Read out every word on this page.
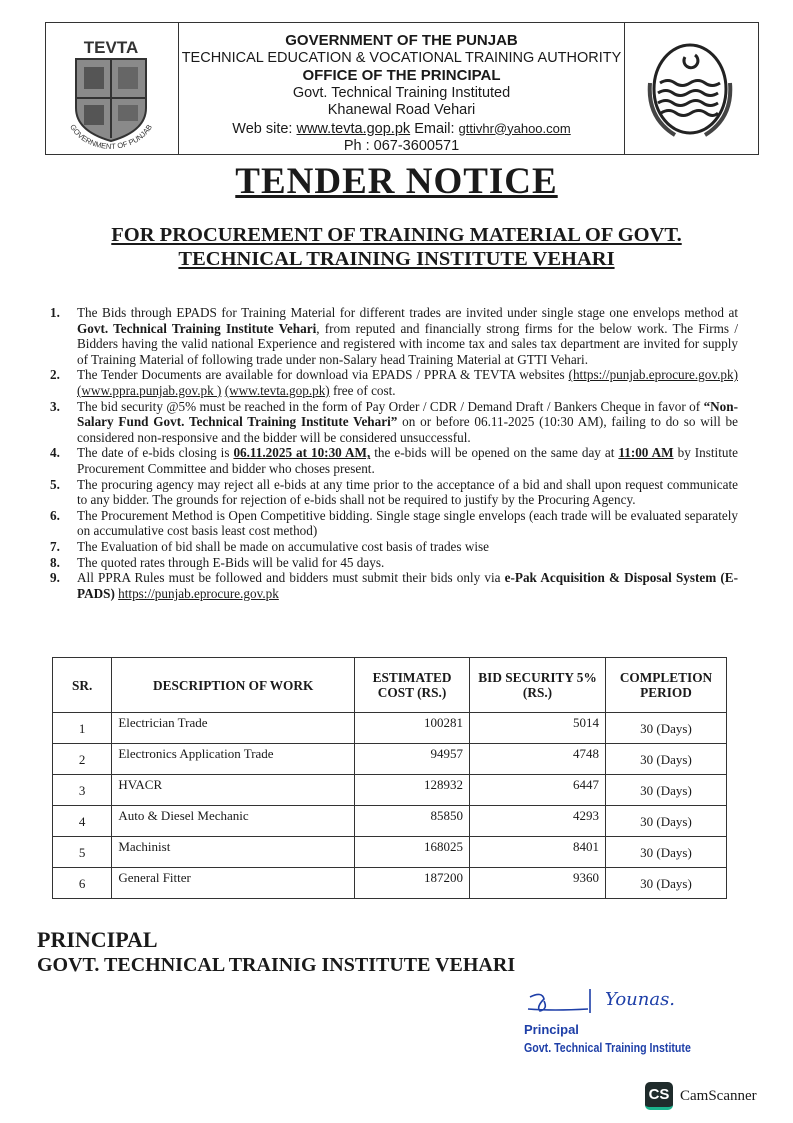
TEVTA
GOVERNMENT OF PUNJAB
GOVERNMENT OF THE PUNJAB
TECHNICAL EDUCATION & VOCATIONAL TRAINING AUTHORITY
OFFICE OF THE PRINCIPAL
Govt. Technical Training Instituted
Khanewal Road Vehari
Web site: www.tevta.gop.pk Email: gttivhr@yahoo.com
Ph : 067-3600571
TENDER NOTICE
FOR PROCUREMENT OF TRAINING MATERIAL OF GOVT.
TECHNICAL TRAINING INSTITUTE VEHARI
1.	The Bids through EPADS for Training Material for different trades are invited under single stage one envelops method at Govt. Technical Training Institute Vehari, from reputed and financially strong firms for the below work. The Firms / Bidders having the valid national Experience and registered with income tax and sales tax department are invited for supply of Training Material of following trade under non-Salary head Training Material at GTTI Vehari.
2.	The Tender Documents are available for download via EPADS / PPRA & TEVTA websites (https://punjab.eprocure.gov.pk) (www.ppra.punjab.gov.pk ) (www.tevta.gop.pk) free of cost.
3.	The bid security @5% must be reached in the form of Pay Order / CDR / Demand Draft / Bankers Cheque in favor of “Non-Salary Fund Govt. Technical Training Institute Vehari” on or before 06.11-2025 (10:30 AM), failing to do so will be considered non-responsive and the bidder will be considered unsuccessful.
4.	The date of e-bids closing is 06.11.2025 at 10:30 AM, the e-bids will be opened on the same day at 11:00 AM by Institute Procurement Committee and bidder who choses present.
5.	The procuring agency may reject all e-bids at any time prior to the acceptance of a bid and shall upon request communicate to any bidder. The grounds for rejection of e-bids shall not be required to justify by the Procuring Agency.
6.	The Procurement Method is Open Competitive bidding. Single stage single envelops (each trade will be evaluated separately on accumulative cost basis least cost method)
7.	The Evaluation of bid shall be made on accumulative cost basis of trades wise
8.	The quoted rates through E-Bids will be valid for 45 days.
9.	All PPRA Rules must be followed and bidders must submit their bids only via e-Pak Acquisition & Disposal System (E-PADS) https://punjab.eprocure.gov.pk
SR.	DESCRIPTION OF WORK	ESTIMATED COST (RS.)	BID SECURITY 5% (RS.)	COMPLETION PERIOD
1	Electrician Trade	100281	5014	30 (Days)
2	Electronics Application Trade	94957	4748	30 (Days)
3	HVACR	128932	6447	30 (Days)
4	Auto & Diesel Mechanic	85850	4293	30 (Days)
5	Machinist	168025	8401	30 (Days)
6	General Fitter	187200	9360	30 (Days)
PRINCIPAL
GOVT. TECHNICAL TRAINIG INSTITUTE VEHARI
Younas.
Principal
Govt. Technical Training Institute
CS CamScanner
